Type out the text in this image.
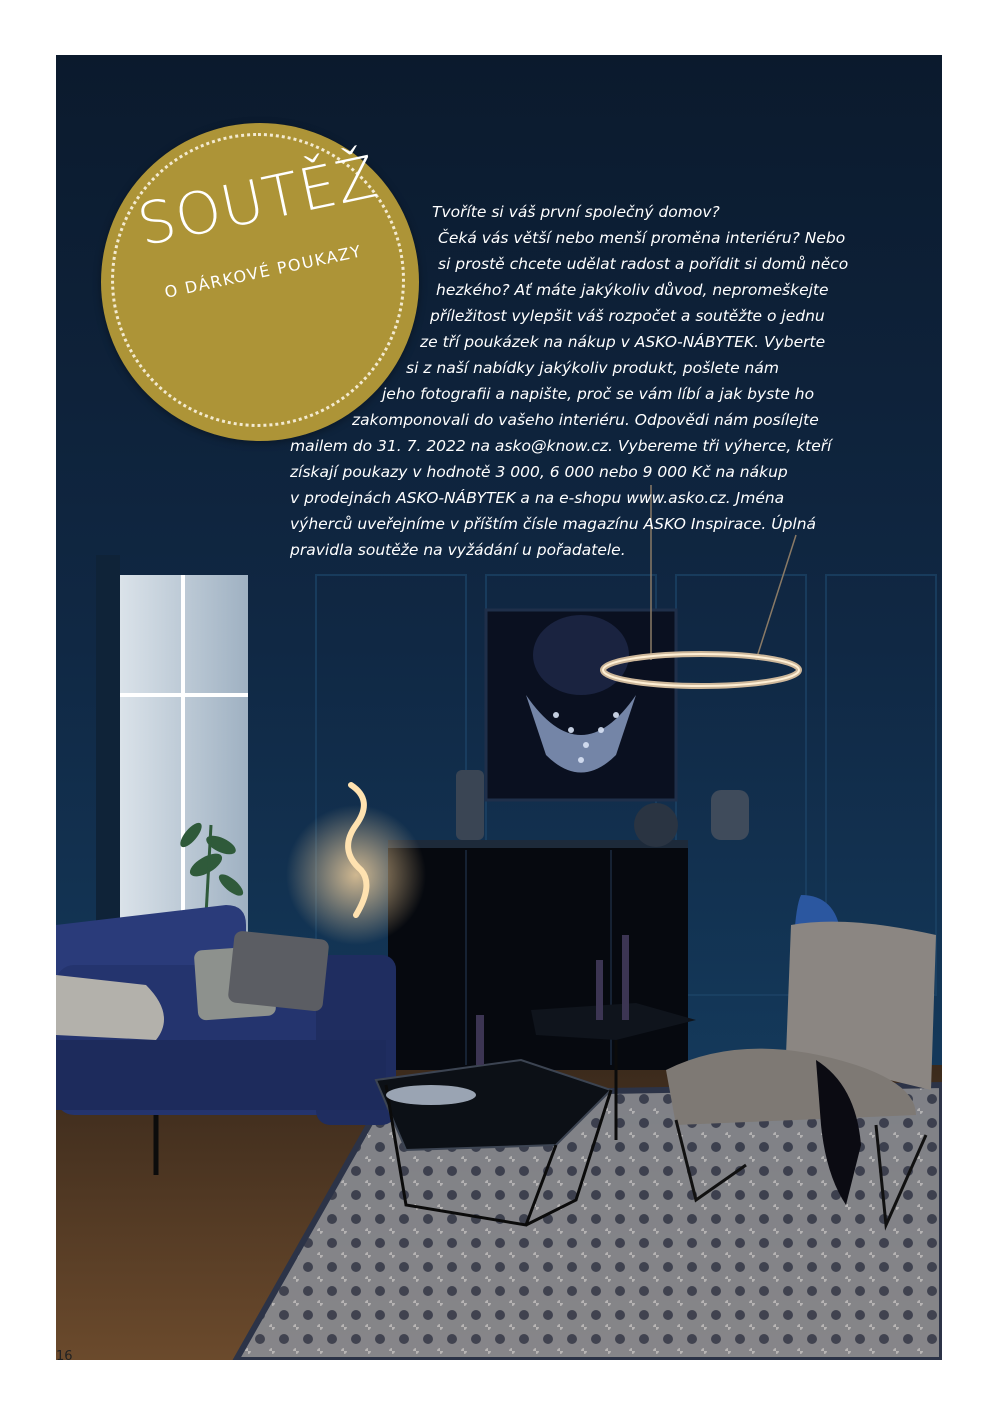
SOUTĚŽ
O DÁRKOVÉ POUKAZY
Tvoříte si váš první společný domov?
Čeká vás větší nebo menší proměna interiéru? Nebo
si prostě chcete udělat radost a pořídit si domů něco
hezkého? Ať máte jakýkoliv důvod, nepromeškejte
příležitost vylepšit váš rozpočet a soutěžte o jednu
ze tří poukázek na nákup v ASKO-NÁBYTEK. Vyberte
si z naší nabídky jakýkoliv produkt, pošlete nám
jeho fotografii a napište, proč se vám líbí a jak byste ho
zakomponovali do vašeho interiéru. Odpovědi nám posílejte
mailem do 31. 7. 2022 na asko@know.cz. Vybereme tři výherce, kteří
získají poukazy v hodnotě 3 000, 6 000 nebo 9 000 Kč na nákup
v prodejnách ASKO-NÁBYTEK a na e-shopu www.asko.cz. Jména
výherců uveřejníme v příštím čísle magazínu ASKO Inspirace. Úplná
pravidla soutěže na vyžádání u pořadatele.
16
